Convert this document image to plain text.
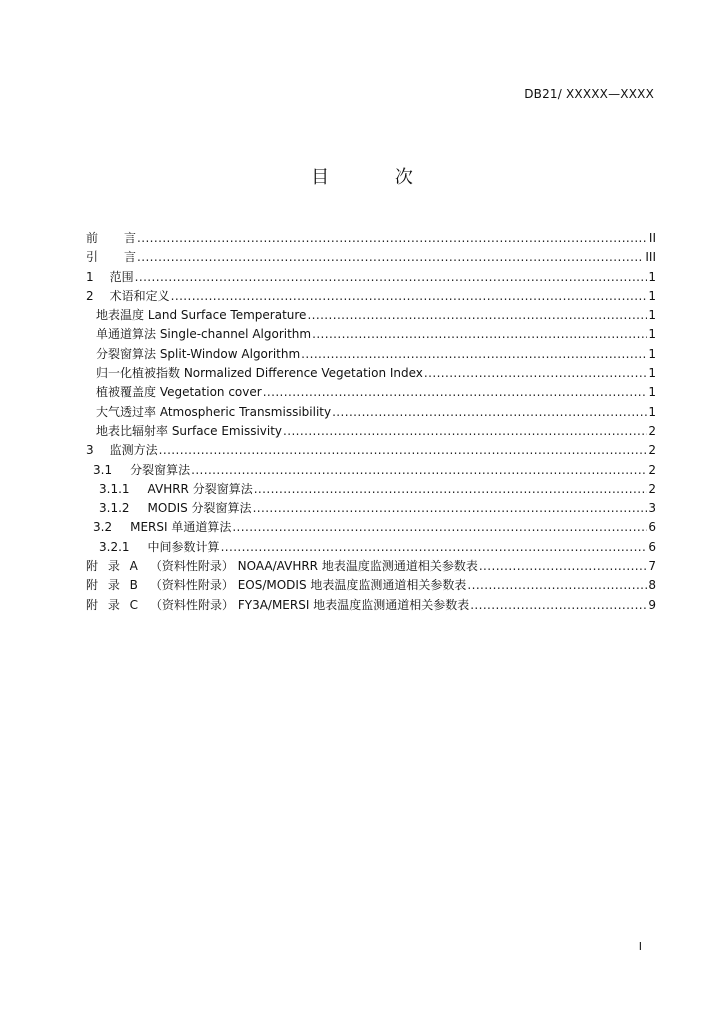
DB21/ XXXXX—XXXX
目 次
前 言 .....	II
引 言 .....	III
1 范围 .....	1
2 术语和定义 .....	1
地表温度 Land Surface Temperature .....	1
单通道算法 Single-channel Algorithm .....	1
分裂窗算法 Split-Window Algorithm .....	1
归一化植被指数 Normalized Difference Vegetation Index .....	1
植被覆盖度 Vegetation cover .....	1
大气透过率 Atmospheric Transmissibility .....	1
地表比辐射率 Surface Emissivity .....	2
3 监测方法 .....	2
3.1 分裂窗算法 .....	2
3.1.1 AVHRR 分裂窗算法 .....	2
3.1.2 MODIS 分裂窗算法 .....	3
3.2 MERSI 单通道算法 .....	6
3.2.1 中间参数计算 .....	6
附 录 A （资料性附录） NOAA/AVHRR 地表温度监测通道相关参数表 .....	7
附 录 B （资料性附录） EOS/MODIS 地表温度监测通道相关参数表 .....	8
附 录 C （资料性附录） FY3A/MERSI 地表温度监测通道相关参数表 .....	9
I
